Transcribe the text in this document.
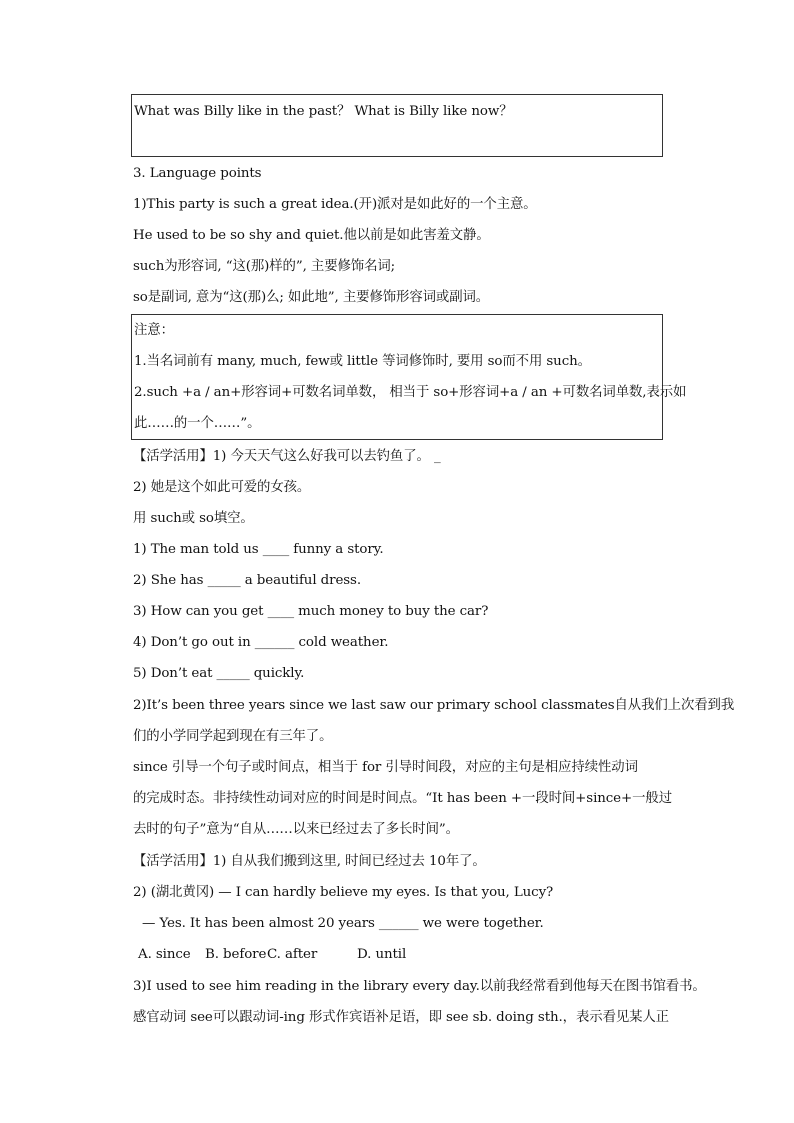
What was Billy like in the past？ What is Billy like now？
3. Language points
1)This party is such a great idea.(开)派对是如此好的一个主意。
He used to be so shy and quiet.他以前是如此害羞文静。
such为形容词, “这(那)样的”, 主要修饰名词;
so是副词, 意为“这(那)么; 如此地”, 主要修饰形容词或副词。
注意：
1.当名词前有 many, much, few或 little 等词修饰时, 要用 so而不用 such。
2.such +a / an+形容词+可数名词单数， 相当于 so+形容词+a / an +可数名词单数,表示如
此……的一个……”。
【活学活用】1) 今天天气这么好我可以去钓鱼了。 _
2) 她是这个如此可爱的女孩。
用 such或 so填空。
1) The man told us ____ funny a story.
2) She has _____ a beautiful dress.
3) How can you get ____ much money to buy the car?
4) Don’t go out in ______ cold weather.
5) Don’t eat _____ quickly.
2)It’s been three years since we last saw our primary school classmates自从我们上次看到我
们的小学同学起到现在有三年了。
since 引导一个句子或时间点，相当于 for 引导时间段，对应的主句是相应持续性动词
的完成时态。非持续性动词对应的时间是时间点。“It has been +一段时间+since+一般过
去时的句子”意为“自从……以来已经过去了多长时间”。
【活学活用】1) 自从我们搬到这里, 时间已经过去 10年了。
2) (湖北黄冈) — I can hardly believe my eyes. Is that you, Lucy?
— Yes. It has been almost 20 years ______ we were together.
A. since B. beforeC. after	D. until
3)I used to see him reading in the library every day.以前我经常看到他每天在图书馆看书。
感官动词 see可以跟动词-ing 形式作宾语补足语，即 see sb. doing sth.，表示看见某人正
